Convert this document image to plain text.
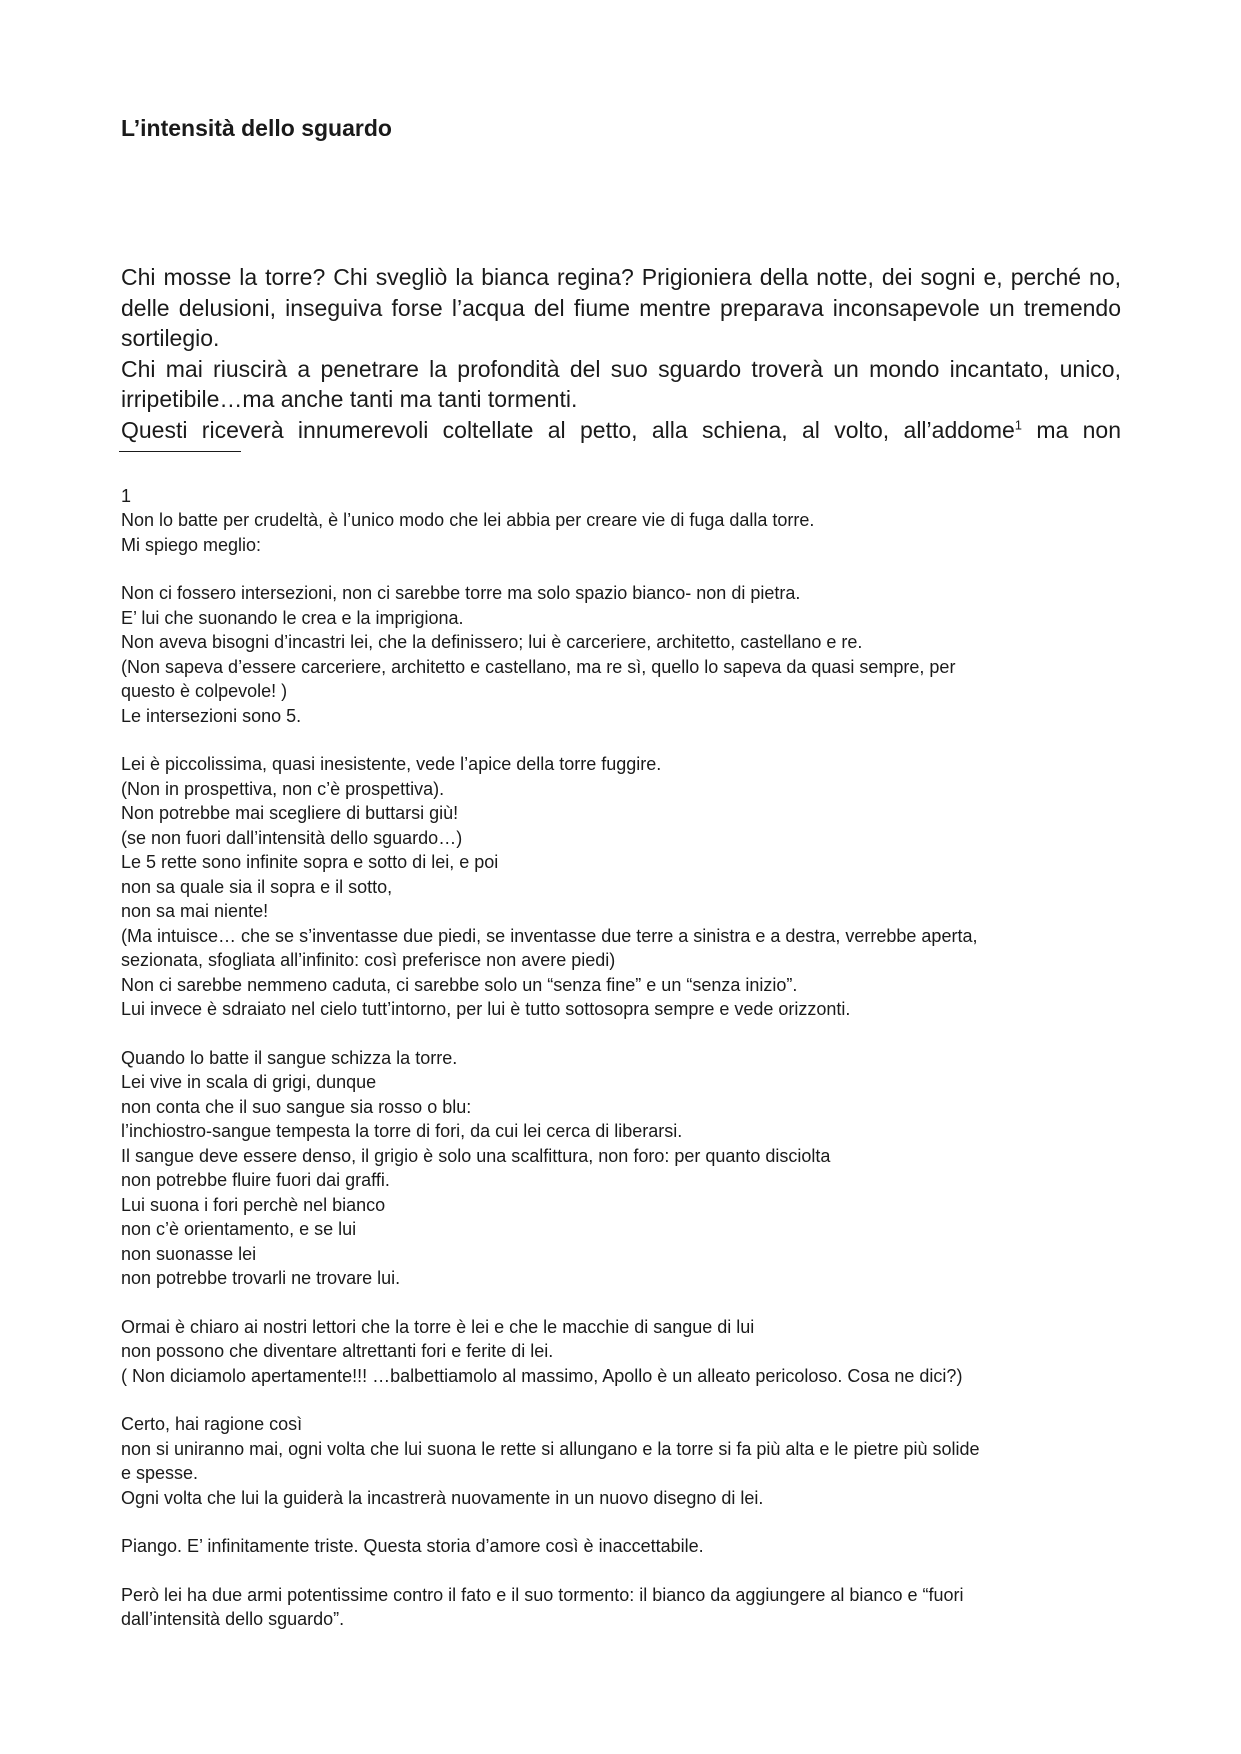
L’intensità dello sguardo

Chi mosse la torre? Chi svegliò la bianca regina? Prigioniera della notte, dei sogni e, perché no, delle delusioni, inseguiva forse l’acqua del fiume mentre preparava inconsapevole un tremendo sortilegio.

Chi mai riuscirà a penetrare la profondità del suo sguardo troverà un mondo incantato, unico, irripetibile…ma anche tanti ma tanti tormenti.

Questi riceverà innumerevoli coltellate al petto, alla schiena, al volto, all’addome$^1$ ma non

1

Non lo batte per crudeltà, è l’unico modo che lei abbia per creare vie di fuga dalla torre.

Mi spiego meglio:

Non ci fossero intersezioni, non ci sarebbe torre ma solo spazio bianco- non di pietra.

E’ lui che suonando le crea e la imprigiona.

Non aveva bisogni d’incastri lei, che la definissero; lui è carceriere, architetto, castellano e re.

(Non sapeva d’essere carceriere, architetto e castellano, ma re sì, quello lo sapeva da quasi sempre, per

questo è colpevole! )

Le intersezioni sono 5.

Lei è piccolissima, quasi inesistente, vede l’apice della torre fuggire.

(Non in prospettiva, non c’è prospettiva).

Non potrebbe mai scegliere di buttarsi giù!

(se non fuori dall’intensità dello sguardo…)

Le 5 rette sono infinite sopra e sotto di lei, e poi

non sa quale sia il sopra e il sotto,

non sa mai niente!

(Ma intuisce… che se s’inventasse due piedi, se inventasse due terre a sinistra e a destra, verrebbe aperta,

sezionata, sfogliata all’infinito: così preferisce non avere piedi)

Non ci sarebbe nemmeno caduta, ci sarebbe solo un “senza fine” e un “senza inizio”.

Lui invece è sdraiato nel cielo tutt’intorno, per lui è tutto sottosopra sempre e vede orizzonti.

Quando lo batte il sangue schizza la torre.

Lei vive in scala di grigi, dunque

non conta che il suo sangue sia rosso o blu:

l’inchiostro-sangue tempesta la torre di fori, da cui lei cerca di liberarsi.

Il sangue deve essere denso, il grigio è solo una scalfittura, non foro: per quanto disciolta

non potrebbe fluire fuori dai graffi.

Lui suona i fori perchè nel bianco

non c’è orientamento, e se lui

non suonasse lei

non potrebbe trovarli ne trovare lui.

Ormai è chiaro ai nostri lettori che la torre è lei e che le macchie di sangue di lui

non possono che diventare altrettanti fori e ferite di lei.

( Non diciamolo apertamente!!! …balbettiamolo al massimo, Apollo è un alleato pericoloso. Cosa ne dici?)

Certo, hai ragione così

non si uniranno mai, ogni volta che lui suona le rette si allungano e la torre si fa più alta e le pietre più solide

e spesse.

Ogni volta che lui la guiderà la incastrerà nuovamente in un nuovo disegno di lei.

Piango. E’ infinitamente triste. Questa storia d’amore così è inaccettabile.

Però lei ha due armi potentissime contro il fato e il suo tormento: il bianco da aggiungere al bianco e “fuori

dall’intensità dello sguardo”.
